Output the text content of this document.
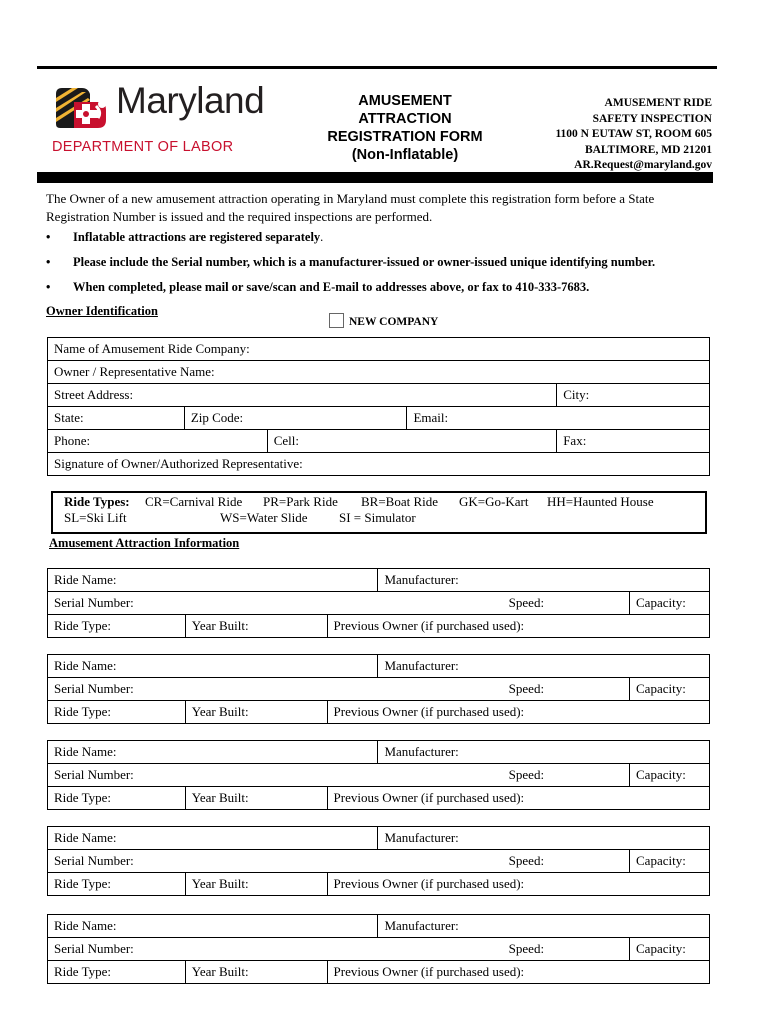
Maryland
DEPARTMENT OF LABOR
AMUSEMENT
ATTRACTION
REGISTRATION FORM
(Non-Inflatable)
AMUSEMENT RIDE
SAFETY INSPECTION
1100 N EUTAW ST, ROOM 605
BALTIMORE, MD 21201
AR.Request@maryland.gov
The Owner of a new amusement attraction operating in Maryland must complete this registration form before a State Registration Number is issued and the required inspections are performed.
• Inflatable attractions are registered separately.
• Please include the Serial number, which is a manufacturer-issued or owner-issued unique identifying number.
• When completed, please mail or save/scan and E-mail to addresses above, or fax to 410-333-7683.
Owner Identification
NEW COMPANY
Name of Amusement Ride Company:				
Owner / Representative Name:				
Street Address:				City:
State:	Zip Code:		Email:	
Phone:		Cell:		Fax:
Signature of Owner/Authorized Representative:				
Ride Types: CR=Carnival Ride PR=Park Ride BR=Boat Ride GK=Go-Kart HH=Haunted House
SL=Ski Lift	WS=Water Slide SI = Simulator
Amusement Attraction Information
Ride Name:			Manufacturer:		
Serial Number:				Speed:	Capacity:
Ride Type:	Year Built:	Previous Owner (if purchased used):			
Ride Name:			Manufacturer:		
Serial Number:				Speed:	Capacity:
Ride Type:	Year Built:	Previous Owner (if purchased used):			
Ride Name:			Manufacturer:		
Serial Number:				Speed:	Capacity:
Ride Type:	Year Built:	Previous Owner (if purchased used):			
Ride Name:			Manufacturer:		
Serial Number:				Speed:	Capacity:
Ride Type:	Year Built:	Previous Owner (if purchased used):			
Ride Name:			Manufacturer:		
Serial Number:				Speed:	Capacity:
Ride Type:	Year Built:	Previous Owner (if purchased used):			
